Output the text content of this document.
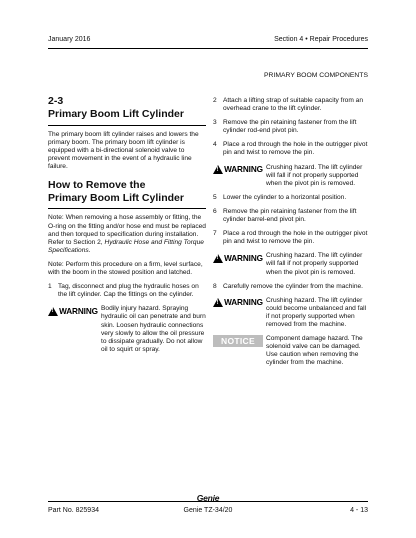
January 2016	Section 4 • Repair Procedures
PRIMARY BOOM COMPONENTS

2-3

Primary Boom Lift Cylinder

The primary boom lift cylinder raises and lowers the primary boom. The primary boom lift cylinder is equipped with a bi-directional solenoid valve to prevent movement in the event of a hydraulic line failure.

How to Remove the

Primary Boom Lift Cylinder

Note: When removing a hose assembly or fitting, the O-ring on the fitting and/or hose end must be replaced and then torqued to specification during installation. Refer to Section 2, Hydraulic Hose and Fitting Torque Specifications.

Note: Perform this procedure on a firm, level surface, with the boom in the stowed position and latched.

1 Tag, disconnect and plug the hydraulic hoses on the lift cylinder. Cap the fittings on the cylinder.
!
WARNING Bodily injury hazard. Spraying hydraulic oil can penetrate and burn skin. Loosen hydraulic connections very slowly to allow the oil pressure to dissipate gradually. Do not allow oil to squirt or spray.
2 Attach a lifting strap of suitable capacity from an overhead crane to the lift cylinder.
3 Remove the pin retaining fastener from the lift cylinder rod-end pivot pin.
4 Place a rod through the hole in the outrigger pivot pin and twist to remove the pin.
!
WARNING Crushing hazard. The lift cylinder will fall if not properly supported when the pivot pin is removed.
5 Lower the cylinder to a horizontal position.
6 Remove the pin retaining fastener from the lift cylinder barrel-end pivot pin.
7 Place a rod through the hole in the outrigger pivot pin and twist to remove the pin.
!
WARNING Crushing hazard. The lift cylinder will fall if not properly supported when the pivot pin is removed.
8 Carefully remove the cylinder from the machine.
!
WARNING Crushing hazard. The lift cylinder could become unbalanced and fall if not properly supported when removed from the machine.
NOTICE	Component damage hazard. The solenoid valve can be damaged. Use caution when removing the cylinder from the machine.
Genie
Part No. 825934	Genie TZ-34/20	4 - 13
